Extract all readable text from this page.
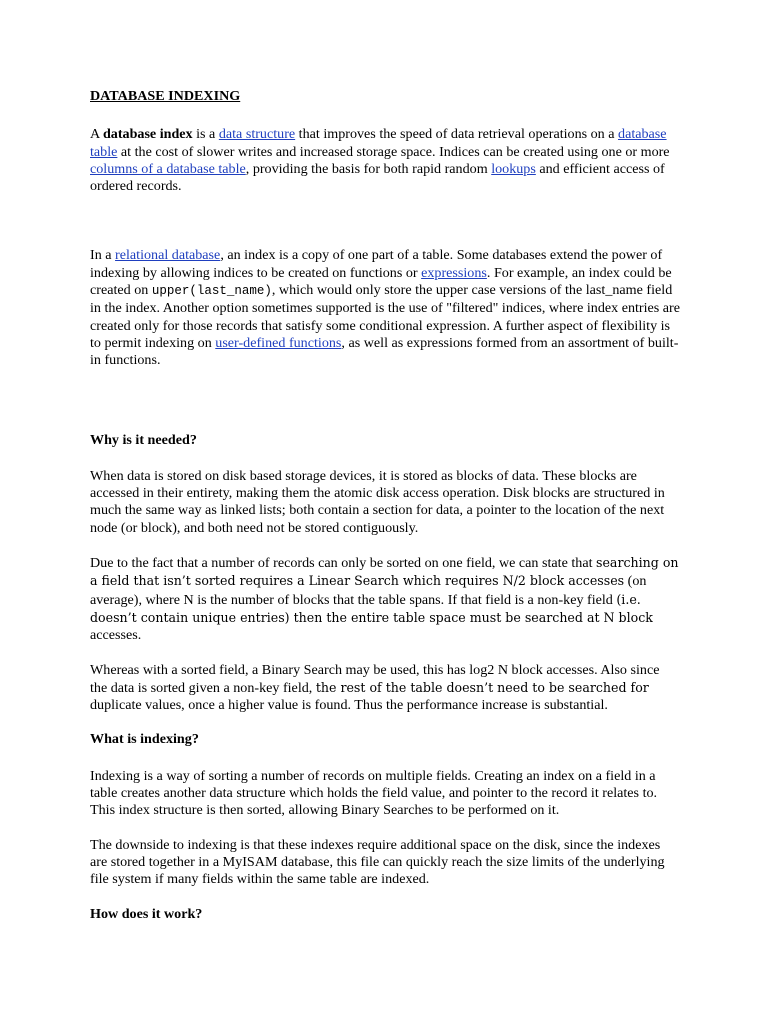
DATABASE INDEXING

A database index is a data structure that improves the speed of data retrieval operations on a database table at the cost of slower writes and increased storage space. Indices can be created using one or more columns of a database table, providing the basis for both rapid random lookups and efficient access of ordered records.

In a relational database, an index is a copy of one part of a table. Some databases extend the power of indexing by allowing indices to be created on functions or expressions. For example, an index could be created on upper(last_name), which would only store the upper case versions of the last_name field in the index. Another option sometimes supported is the use of "filtered" indices, where index entries are created only for those records that satisfy some conditional expression. A further aspect of flexibility is to permit indexing on user-defined functions, as well as expressions formed from an assortment of built-in functions.

Why is it needed?

When data is stored on disk based storage devices, it is stored as blocks of data. These blocks are accessed in their entirety, making them the atomic disk access operation. Disk blocks are structured in much the same way as linked lists; both contain a section for data, a pointer to the location of the next node (or block), and both need not be stored contiguously.

Due to the fact that a number of records can only be sorted on one field, we can state that searching on a field that isn’t sorted requires a Linear Search which requires N/2 block accesses (on average), where N is the number of blocks that the table spans. If that field is a non-key field (i.e. doesn’t contain unique entries) then the entire table space must be searched at N block accesses.

Whereas with a sorted field, a Binary Search may be used, this has log2 N block accesses. Also since the data is sorted given a non-key field, the rest of the table doesn’t need to be searched for duplicate values, once a higher value is found. Thus the performance increase is substantial.

What is indexing?

Indexing is a way of sorting a number of records on multiple fields. Creating an index on a field in a table creates another data structure which holds the field value, and pointer to the record it relates to. This index structure is then sorted, allowing Binary Searches to be performed on it.

The downside to indexing is that these indexes require additional space on the disk, since the indexes are stored together in a MyISAM database, this file can quickly reach the size limits of the underlying file system if many fields within the same table are indexed.

How does it work?
